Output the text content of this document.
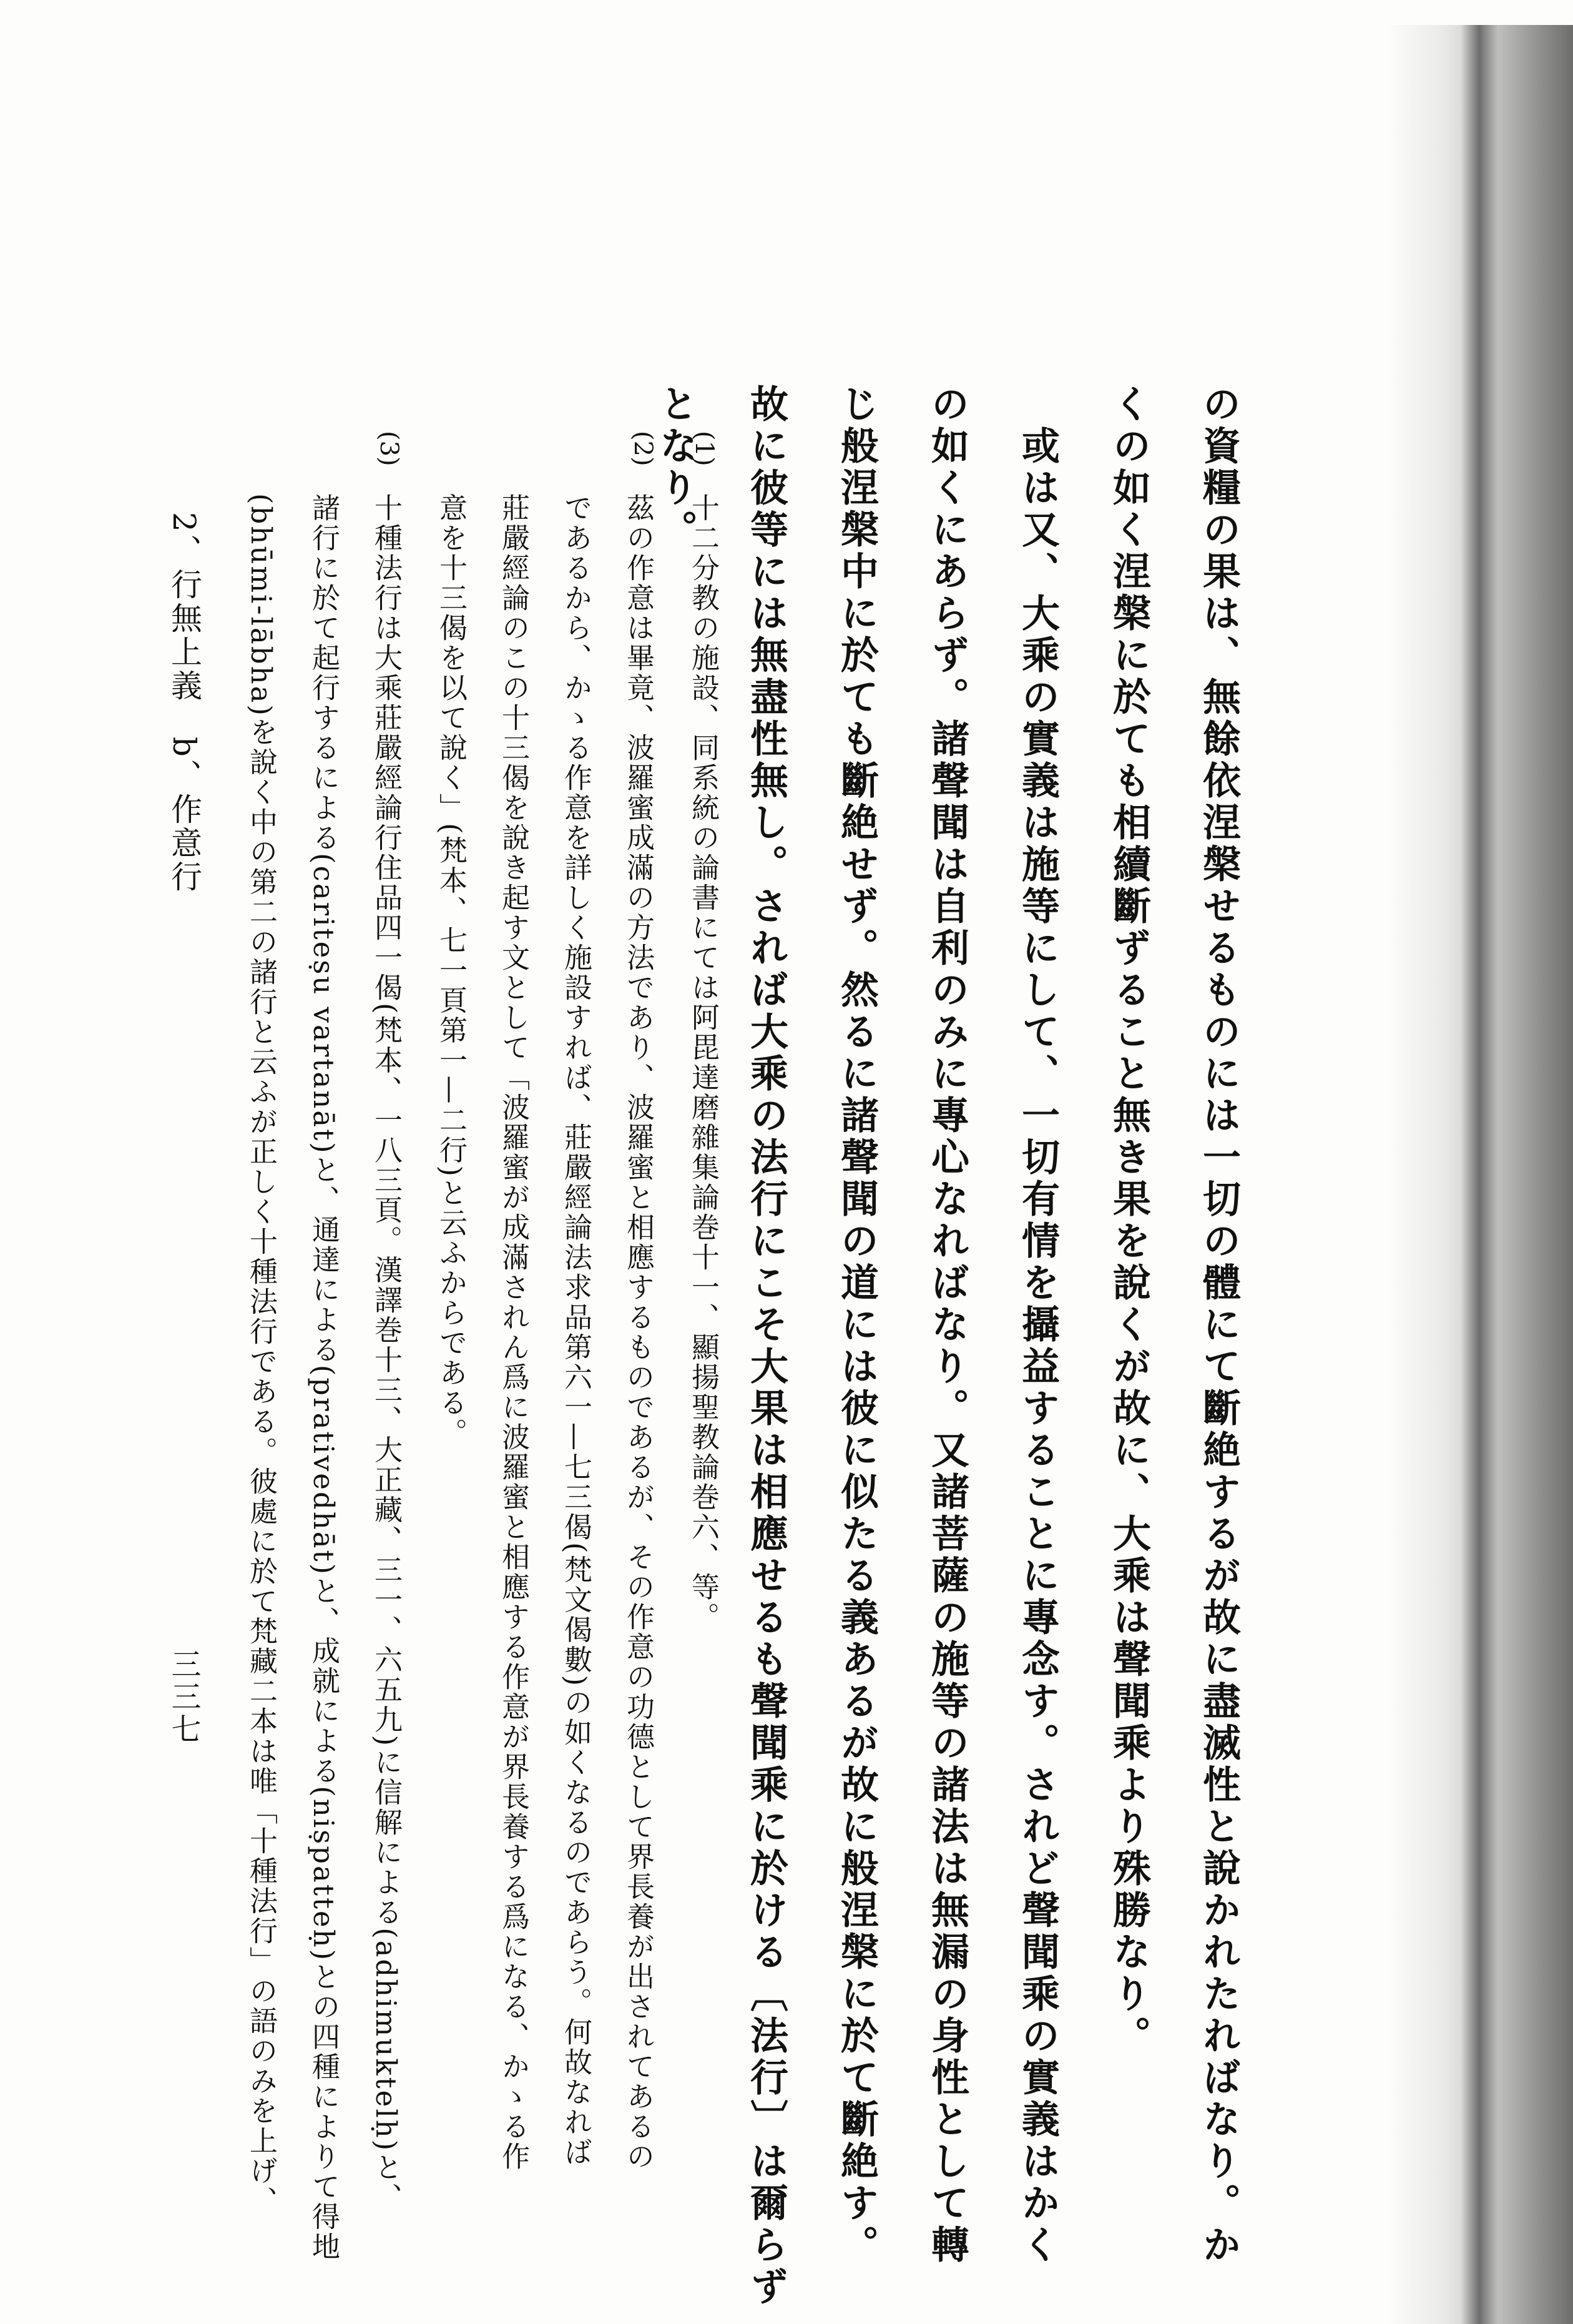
の資糧の果は、無餘依涅槃せるものには一切の體にて斷絶するが故に盡滅性と說かれたればなり。か
くの如く涅槃に於ても相續斷ずること無き果を說くが故に、大乘は聲聞乘より殊勝なり。
　或は又、大乘の實義は施等にして、一切有情を攝益することに專念す。されど聲聞乘の實義はかく
の如くにあらず。諸聲聞は自利のみに專心なればなり。又諸菩薩の施等の諸法は無漏の身性として轉
じ般涅槃中に於ても斷絶せず。然るに諸聲聞の道には彼に似たる義あるが故に般涅槃に於て斷絶す。
故に彼等には無盡性無し。されば大乘の法行にこそ大果は相應せるも聲聞乘に於ける〔法行〕は爾らず
となり。
(1)
十二分教の施設、同系統の論書にては阿毘達磨雜集論巻十一、顯揚聖教論巻六、等。
(2)
茲の作意は畢竟、波羅蜜成滿の方法であり、波羅蜜と相應するものであるが、その作意の功德として界長養が出されてあるの
であるから、かゝる作意を詳しく施設すれば、莊嚴經論法求品第六一—七三偈(梵文偈數)の如くなるのであらう。何故なれば
莊嚴經論のこの十三偈を說き起す文として「波羅蜜が成滿されん爲に波羅蜜と相應する作意が界長養する爲になる、かゝる作
意を十三偈を以て說く」(梵本、七一頁第一—二行)と云ふからである。
(3)
十種法行は大乘莊嚴經論行住品四一偈(梵本、一八三頁。漢譯巻十三、大正藏、三一、六五九)に信解による(adhimuktelḥ)と、
諸行に於て起行するによる(cariteṣu vartanāt)と、通達による(prativedhāt)と、成就による(niṣpatteḥ)との四種によりて得地
(bhūmi-lābha)を說く中の第二の諸行と云ふが正しく十種法行である。彼處に於て梵藏二本は唯「十種法行」の語のみを上げ、
2、行無上義　b、作意行
三三七
